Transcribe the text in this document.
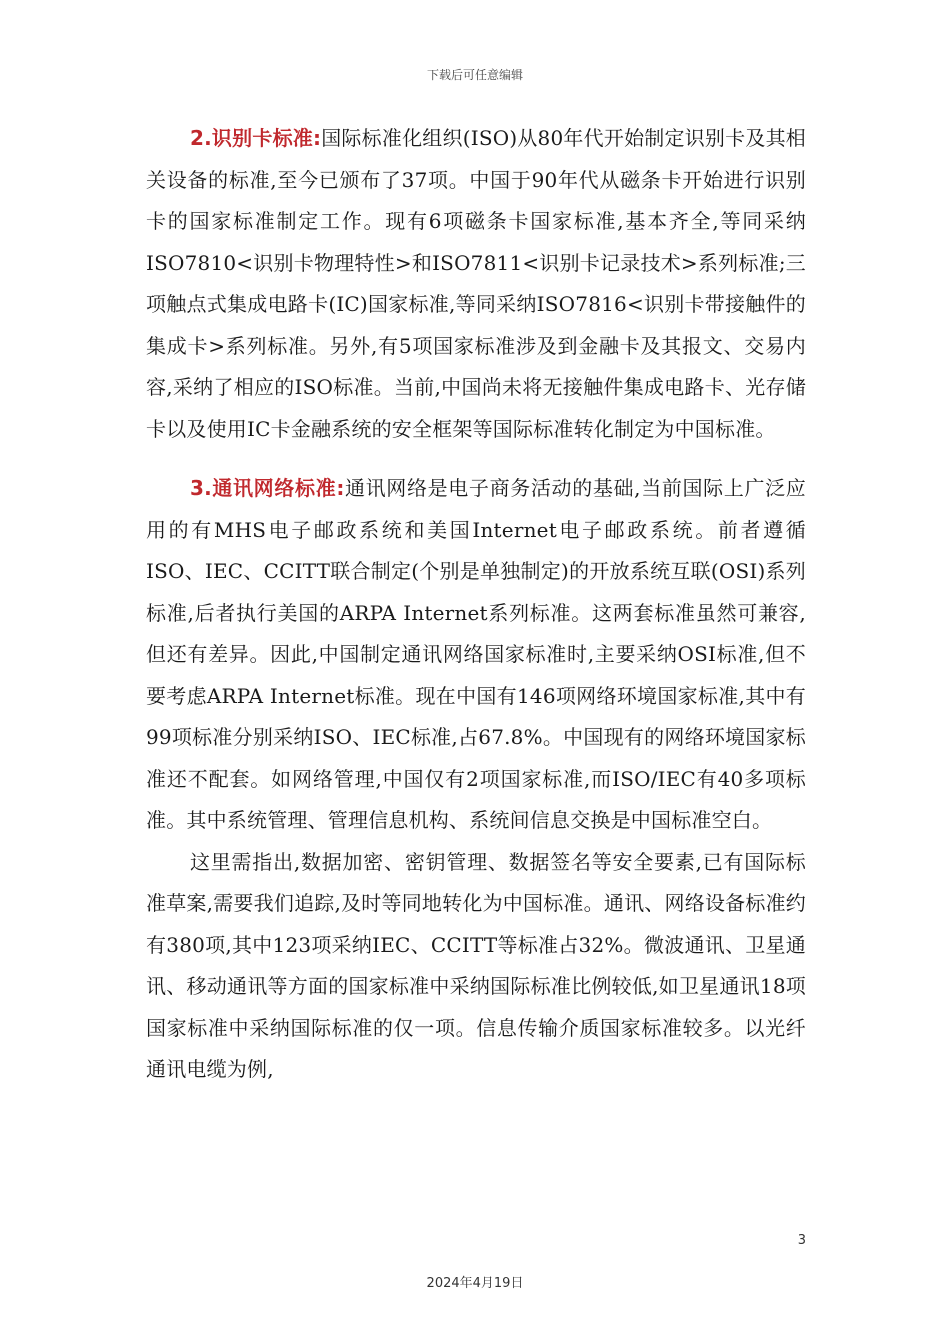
下载后可任意编辑

2.识别卡标准:国际标准化组织(ISO)从80年代开始制定识别卡及其相关设备的标准,至今已颁布了37项。中国于90年代从磁条卡开始进行识别卡的国家标准制定工作。现有6项磁条卡国家标准,基本齐全,等同采纳ISO7810<识别卡物理特性>和ISO7811<识别卡记录技术>系列标准;三项触点式集成电路卡(IC)国家标准,等同采纳ISO7816<识别卡带接触件的集成卡>系列标准。另外,有5项国家标准涉及到金融卡及其报文、交易内容,采纳了相应的ISO标准。当前,中国尚未将无接触件集成电路卡、光存储卡以及使用IC卡金融系统的安全框架等国际标准转化制定为中国标准。

3.通讯网络标准:通讯网络是电子商务活动的基础,当前国际上广泛应用的有MHS电子邮政系统和美国Internet电子邮政系统。前者遵循ISO、IEC、CCITT联合制定(个别是单独制定)的开放系统互联(OSI)系列标准,后者执行美国的ARPA Internet系列标准。这两套标准虽然可兼容,但还有差异。因此,中国制定通讯网络国家标准时,主要采纳OSI标准,但不要考虑ARPA Internet标准。现在中国有146项网络环境国家标准,其中有99项标准分别采纳ISO、IEC标准,占67.8%。中国现有的网络环境国家标准还不配套。如网络管理,中国仅有2项国家标准,而ISO/IEC有40多项标准。其中系统管理、管理信息机构、系统间信息交换是中国标准空白。

这里需指出,数据加密、密钥管理、数据签名等安全要素,已有国际标准草案,需要我们追踪,及时等同地转化为中国标准。通讯、网络设备标准约有380项,其中123项采纳IEC、CCITT等标准占32%。微波通讯、卫星通讯、移动通讯等方面的国家标准中采纳国际标准比例较低,如卫星通讯18项国家标准中采纳国际标准的仅一项。信息传输介质国家标准较多。以光纤通讯电缆为例,

3
2024年4月19日
